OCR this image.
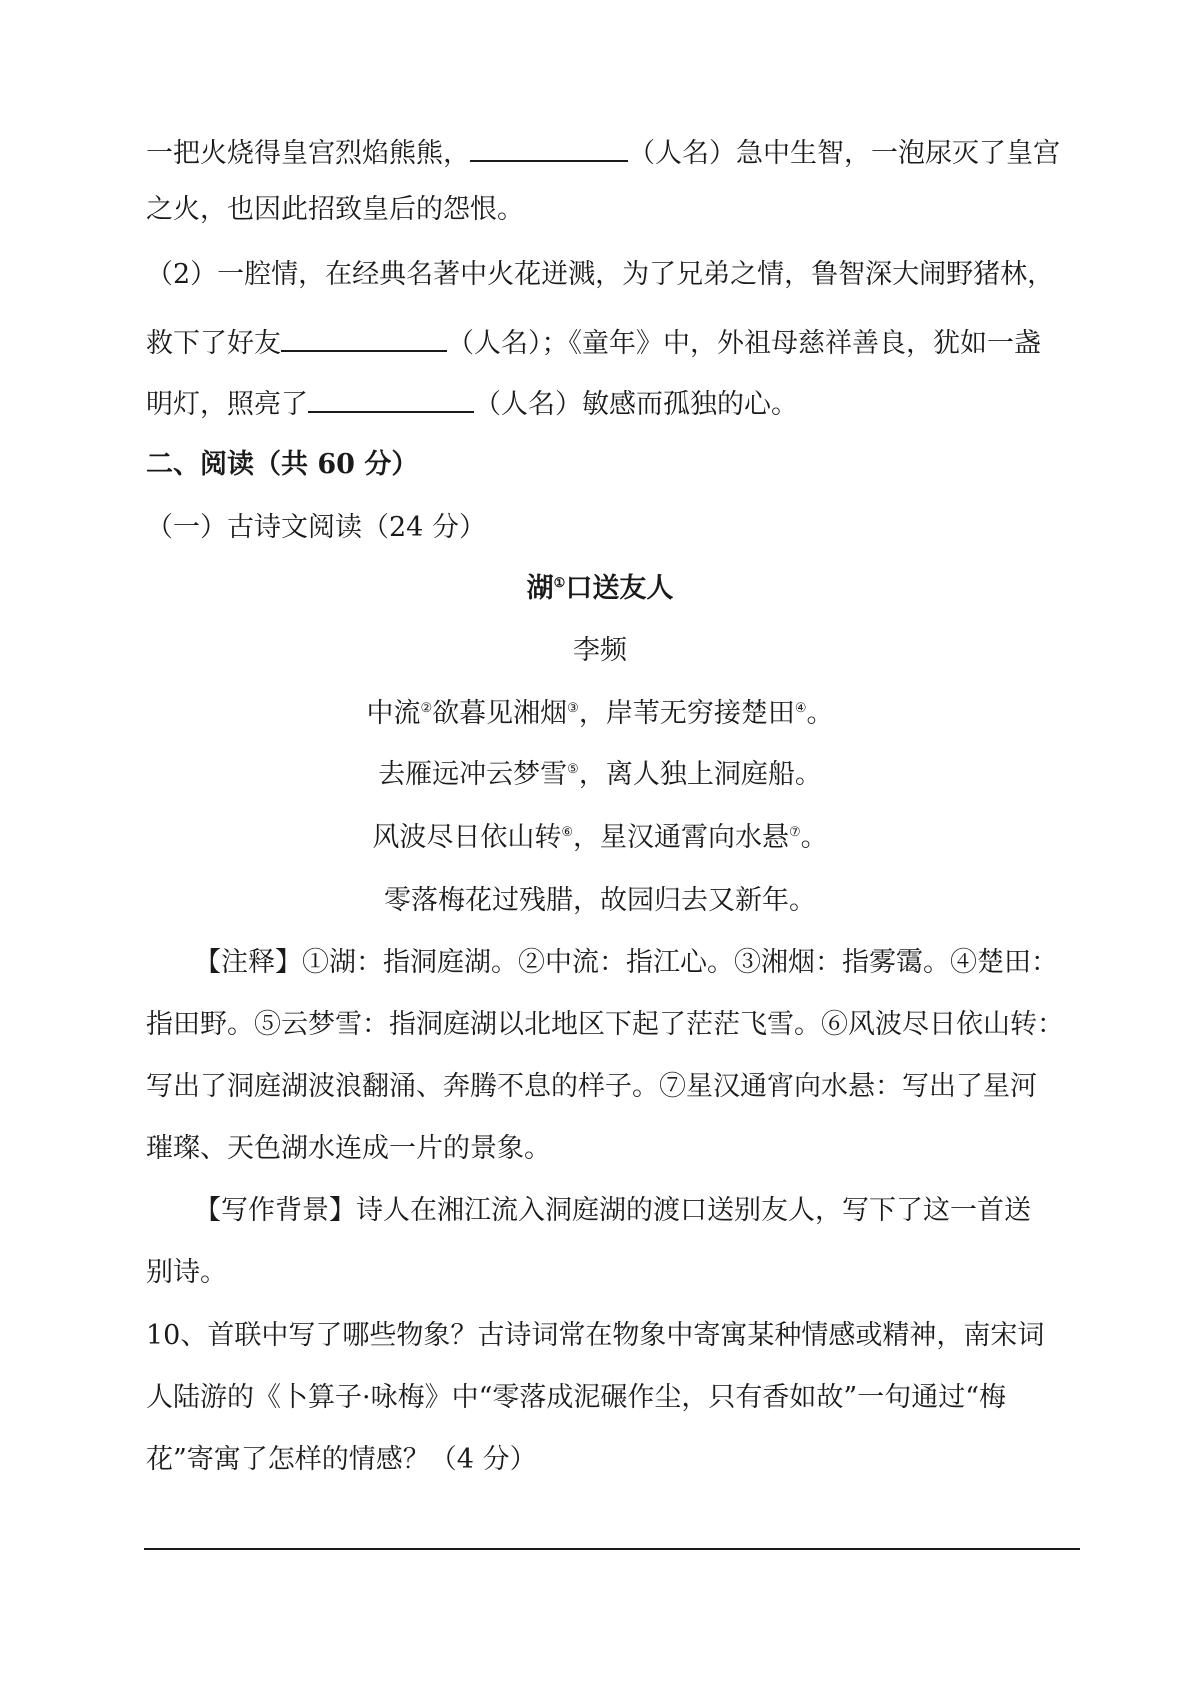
一把火烧得皇宫烈焰熊熊，	（人名）急中生智，一泡尿灭了皇宫
之火，也因此招致皇后的怨恨。
（2）一腔情，在经典名著中火花迸溅，为了兄弟之情，鲁智深大闹野猪林，
救下了好友	（人名）；《童年》中，外祖母慈祥善良，犹如一盏
明灯，照亮了	（人名）敏感而孤独的心。
二、阅读（共 60 分）
（一）古诗文阅读（24 分）
湖①口送友人
李频
中流②欲暮见湘烟③，岸苇无穷接楚田④。
去雁远冲云梦雪⑤，离人独上洞庭船。
风波尽日依山转⑥，星汉通霄向水悬⑦。
零落梅花过残腊，故园归去又新年。
【注释】①湖：指洞庭湖。②中流：指江心。③湘烟：指雾霭。④楚田：
指田野。⑤云梦雪：指洞庭湖以北地区下起了茫茫飞雪。⑥风波尽日依山转：
写出了洞庭湖波浪翻涌、奔腾不息的样子。⑦星汉通宵向水悬：写出了星河
璀璨、天色湖水连成一片的景象。
【写作背景】诗人在湘江流入洞庭湖的渡口送别友人，写下了这一首送
别诗。
10、首联中写了哪些物象？古诗词常在物象中寄寓某种情感或精神，南宋词
人陆游的《卜算子·咏梅》中“零落成泥碾作尘，只有香如故”一句通过“梅
花”寄寓了怎样的情感？（4 分）
